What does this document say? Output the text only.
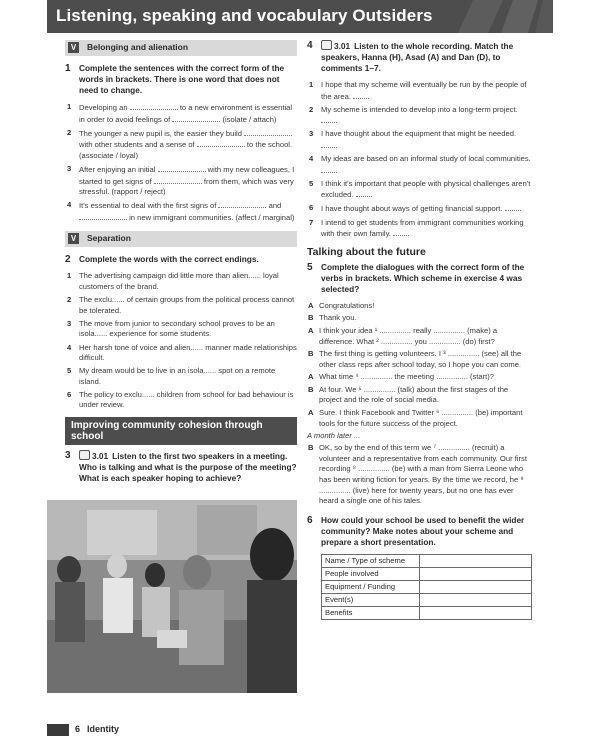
Listening, speaking and vocabulary Outsiders
V	Belonging and alienation
1 Complete the sentences with the correct form of the words in brackets. There is one word that does not need to change.
1 Developing an	to a new environment is essential in order to avoid feelings of	(isolate / attach)
2 The younger a new pupil is, the easier they build  with other students and a sense of	to the school. (associate / loyal)
3 After enjoying an initial	with my new colleagues, I started to get signs of	from them, which was very stressful. (rapport / reject)
4 It's essential to deal with the first signs of	and  in new immigrant communities. (affect / marginal)
V	Separation
2 Complete the words with the correct endings.
1 The advertising campaign did little more than alien...... loyal customers of the brand.
2 The exclu...... of certain groups from the political process cannot be tolerated.
3 The move from junior to secondary school proves to be an isola...... experience for some students.
4 Her harsh tone of voice and alien...... manner made relationships difficult.
5 My dream would be to live in an isola...... spot on a remote island.
6 The policy to exclu...... children from school for bad behaviour is under review.
Improving community cohesion through school
3	3.01 Listen to the first two speakers in a meeting. Who is talking and what is the purpose of the meeting? What is each speaker hoping to achieve?
4	3.01 Listen to the whole recording. Match the speakers, Hanna (H), Asad (A) and Dan (D), to comments 1–7.
1 I hope that my scheme will eventually be run by the people of the area.
2 My scheme is intended to develop into a long-term project.
3 I have thought about the equipment that might be needed.
4 My ideas are based on an informal study of local communities.
5 I think it's important that people with physical challenges aren't excluded.
6 I have thought about ways of getting financial support.
7 I intend to get students from immigrant communities working with their own family.
Talking about the future
5 Complete the dialogues with the correct form of the verbs in brackets. Which scheme in exercise 4 was selected?
A Congratulations!
B Thank you.
A I think your idea ¹ ............... really ............... (make) a difference. What ² ............... you ............... (do) first?
B The first thing is getting volunteers. I ³ ............... (see) all the other class reps after school today, so I hope you can come.
A What time ⁴ ............... the meeting ............... (start)?
B At four. We ⁵ ............... (talk) about the first stages of the project and the role of social media.
A Sure. I think Facebook and Twitter ⁶ ............... (be) important tools for the future success of the project.
A month later ...
B OK, so by the end of this term we ⁷ ............... (recruit) a volunteer and a representative from each community. Our first recording ⁸ ............... (be) with a man from Sierra Leone who has been writing fiction for years. By the time we record, he ⁹ ............... (live) here for twenty years, but no one has ever heard a single one of his tales.
6 How could your school be used to benefit the wider community? Make notes about your scheme and prepare a short presentation.
Name / Type of scheme	
People involved	
Equipment / Funding	
Event(s)	
Benefits	
6 Identity
